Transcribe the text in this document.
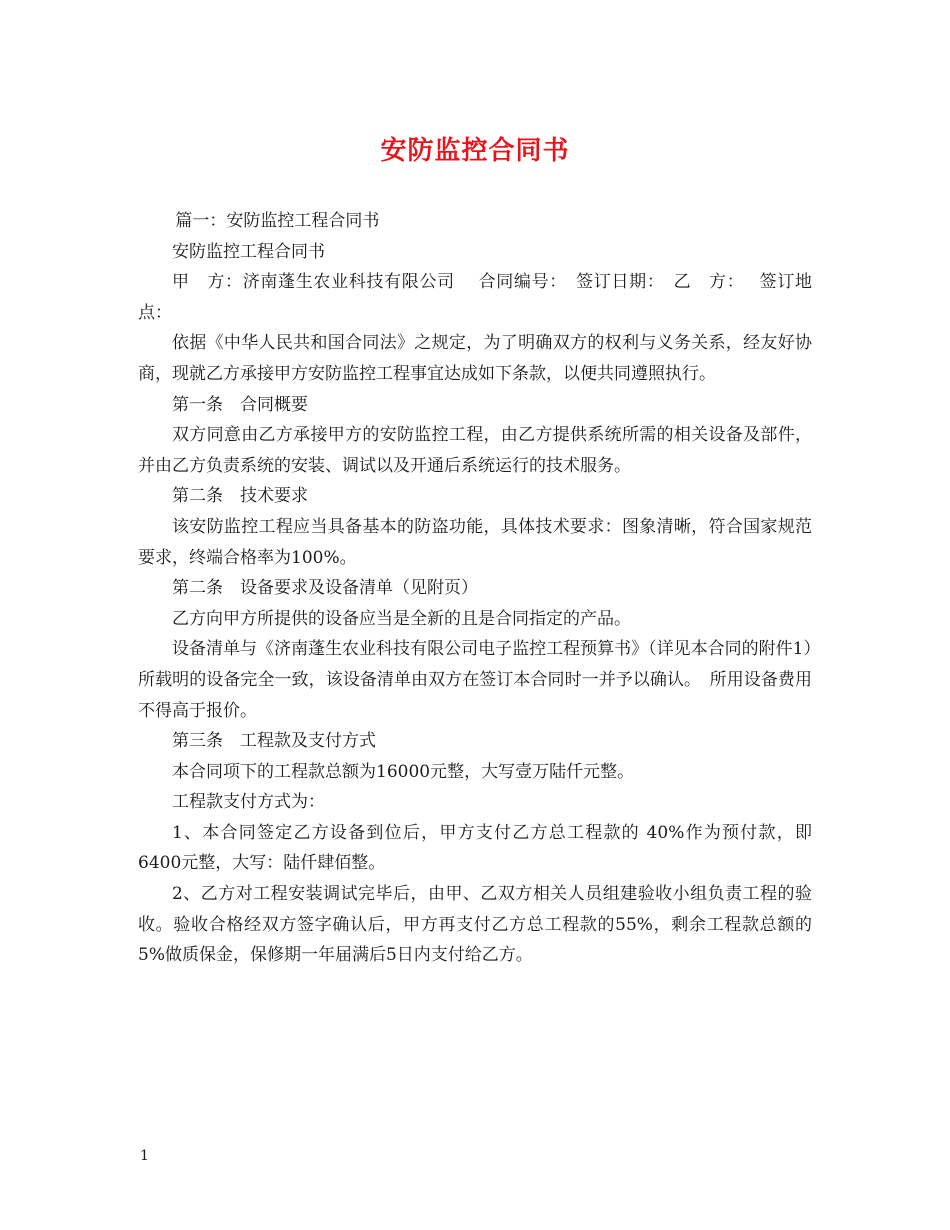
安防监控合同书

篇一：安防监控工程合同书

安防监控工程合同书

甲　方：济南蓬生农业科技有限公司　 合同编号：　签订日期：　乙　方：　 签订地点：

依据《中华人民共和国合同法》之规定，为了明确双方的权利与义务关系，经友好协商，现就乙方承接甲方安防监控工程事宜达成如下条款，以便共同遵照执行。

第一条　合同概要

双方同意由乙方承接甲方的安防监控工程，由乙方提供系统所需的相关设备及部件，并由乙方负责系统的安装、调试以及开通后系统运行的技术服务。

第二条　技术要求

该安防监控工程应当具备基本的防盗功能，具体技术要求：图象清晰，符合国家规范要求，终端合格率为100%。

第二条　设备要求及设备清单（见附页）

乙方向甲方所提供的设备应当是全新的且是合同指定的产品。

设备清单与《济南蓬生农业科技有限公司电子监控工程预算书》（详见本合同的附件1）所载明的设备完全一致，该设备清单由双方在签订本合同时一并予以确认。　所用设备费用不得高于报价。

第三条　工程款及支付方式

本合同项下的工程款总额为16000元整，大写壹万陆仟元整。

工程款支付方式为：

1、本合同签定乙方设备到位后，甲方支付乙方总工程款的 40%作为预付款，即6400元整，大写：陆仟肆佰整。

2、乙方对工程安装调试完毕后，由甲、乙双方相关人员组建验收小组负责工程的验收。验收合格经双方签字确认后，甲方再支付乙方总工程款的55%，剩余工程款总额的5%做质保金，保修期一年届满后5日内支付给乙方。

1
